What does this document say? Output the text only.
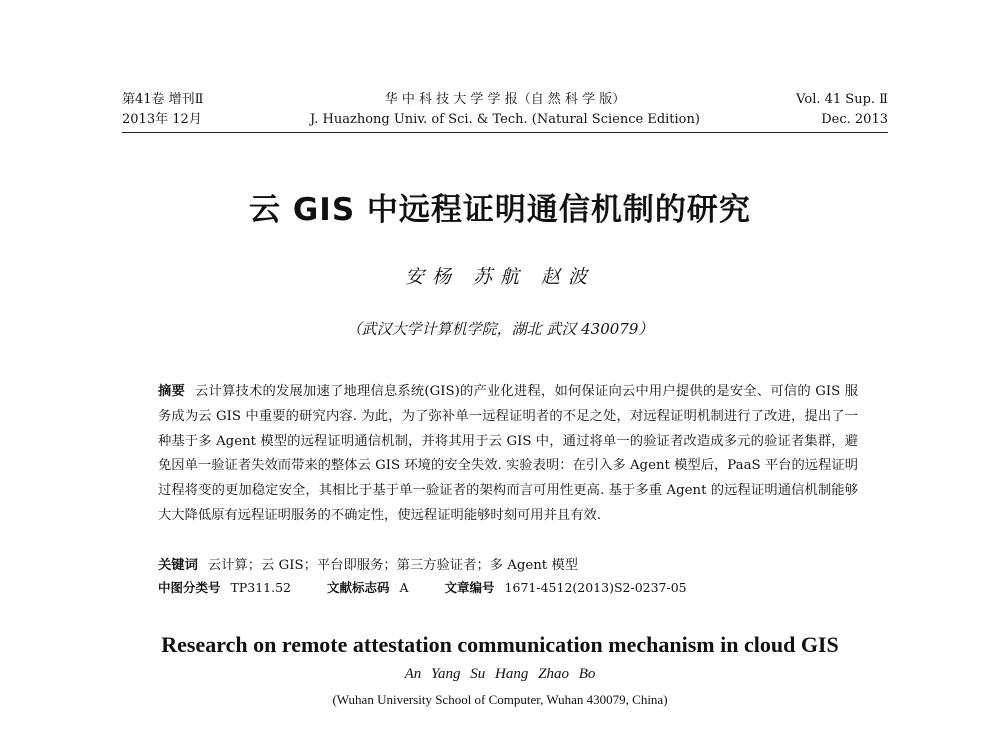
第41卷 增刊Ⅱ
2013年 12月
华 中 科 技 大 学 学 报（自 然 科 学 版）
J. Huazhong Univ. of Sci. & Tech. (Natural Science Edition)
Vol. 41 Sup. Ⅱ
Dec. 2013
云 GIS 中远程证明通信机制的研究
安杨 苏航 赵波
（武汉大学计算机学院，湖北 武汉 430079）
摘要 云计算技术的发展加速了地理信息系统(GIS)的产业化进程，如何保证向云中用户提供的是安全、可信的 GIS 服务成为云 GIS 中重要的研究内容. 为此，为了弥补单一远程证明者的不足之处，对远程证明机制进行了改进，提出了一种基于多 Agent 模型的远程证明通信机制，并将其用于云 GIS 中，通过将单一的验证者改造成多元的验证者集群，避免因单一验证者失效而带来的整体云 GIS 环境的安全失效. 实验表明：在引入多 Agent 模型后，PaaS 平台的远程证明过程将变的更加稳定安全，其相比于基于单一验证者的架构而言可用性更高. 基于多重 Agent 的远程证明通信机制能够大大降低原有远程证明服务的不确定性，使远程证明能够时刻可用并且有效.
关键词 云计算；云 GIS；平台即服务；第三方验证者；多 Agent 模型
中图分类号 TP311.52	文献标志码 A	文章编号 1671-4512(2013)S2-0237-05
Research on remote attestation communication mechanism in cloud GIS
An Yang Su Hang Zhao Bo
(Wuhan University School of Computer, Wuhan 430079, China)
